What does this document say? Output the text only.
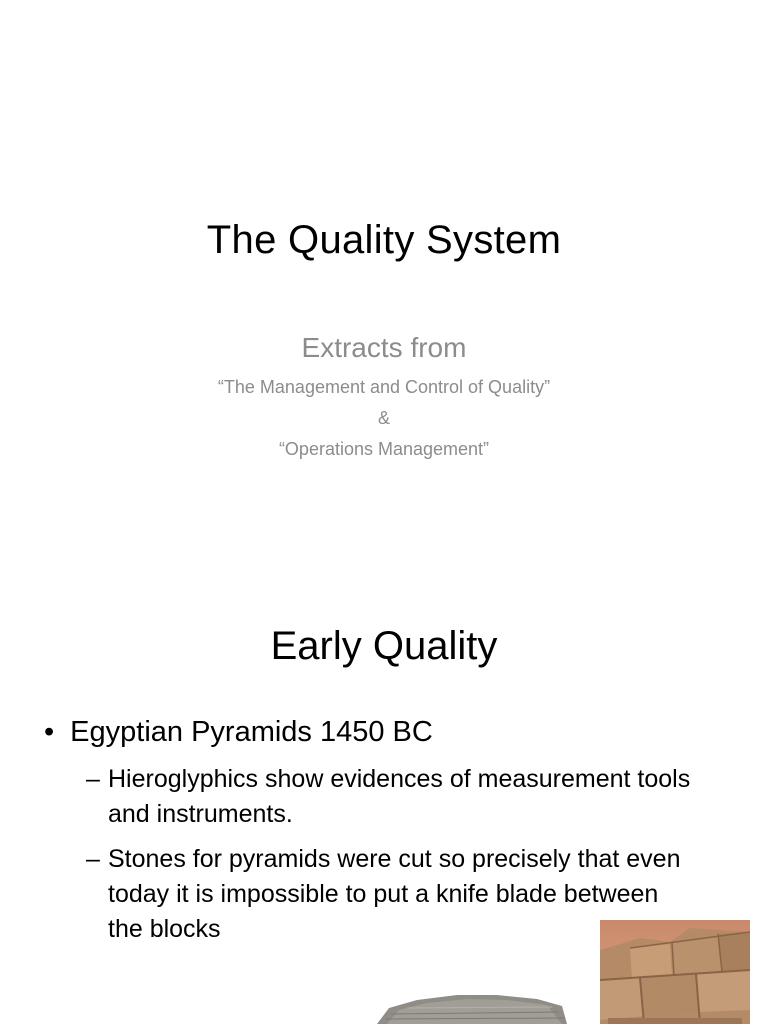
The Quality System
Extracts from
“The Management and Control of Quality”
&
“Operations Management”
Early Quality
• Egyptian Pyramids 1450 BC
– Hieroglyphics show evidences of measurement tools and instruments.
– Stones for pyramids were cut so precisely that even today it is impossible to put a knife blade between the blocks
